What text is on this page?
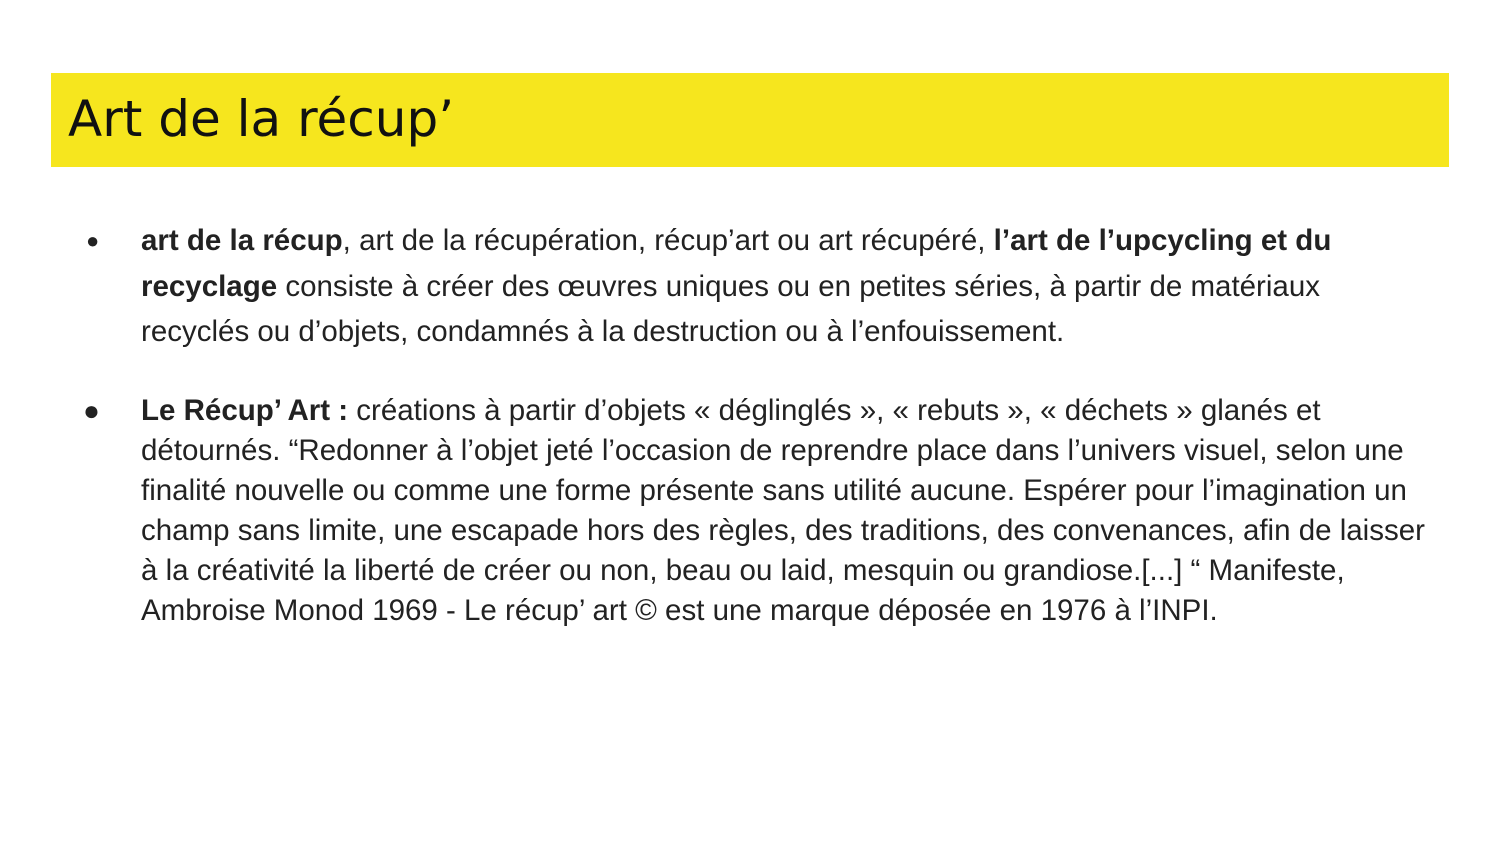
Art de la récup’
● art de la récup, art de la récupération, récup’art ou art récupéré, l’art de l’upcycling et du recyclage consiste à créer des œuvres uniques ou en petites séries, à partir de matériaux recyclés ou d’objets, condamnés à la destruction ou à l’enfouissement.
● Le Récup’ Art : créations à partir d’objets « déglinglés », « rebuts », « déchets » glanés et détournés. “Redonner à l’objet jeté l’occasion de reprendre place dans l’univers visuel, selon une finalité nouvelle ou comme une forme présente sans utilité aucune. Espérer pour l’imagination un champ sans limite, une escapade hors des règles, des traditions, des convenances, afin de laisser à la créativité la liberté de créer ou non, beau ou laid, mesquin ou grandiose.[...] “ Manifeste, Ambroise Monod 1969 - Le récup’ art © est une marque déposée en 1976 à l’INPI.
